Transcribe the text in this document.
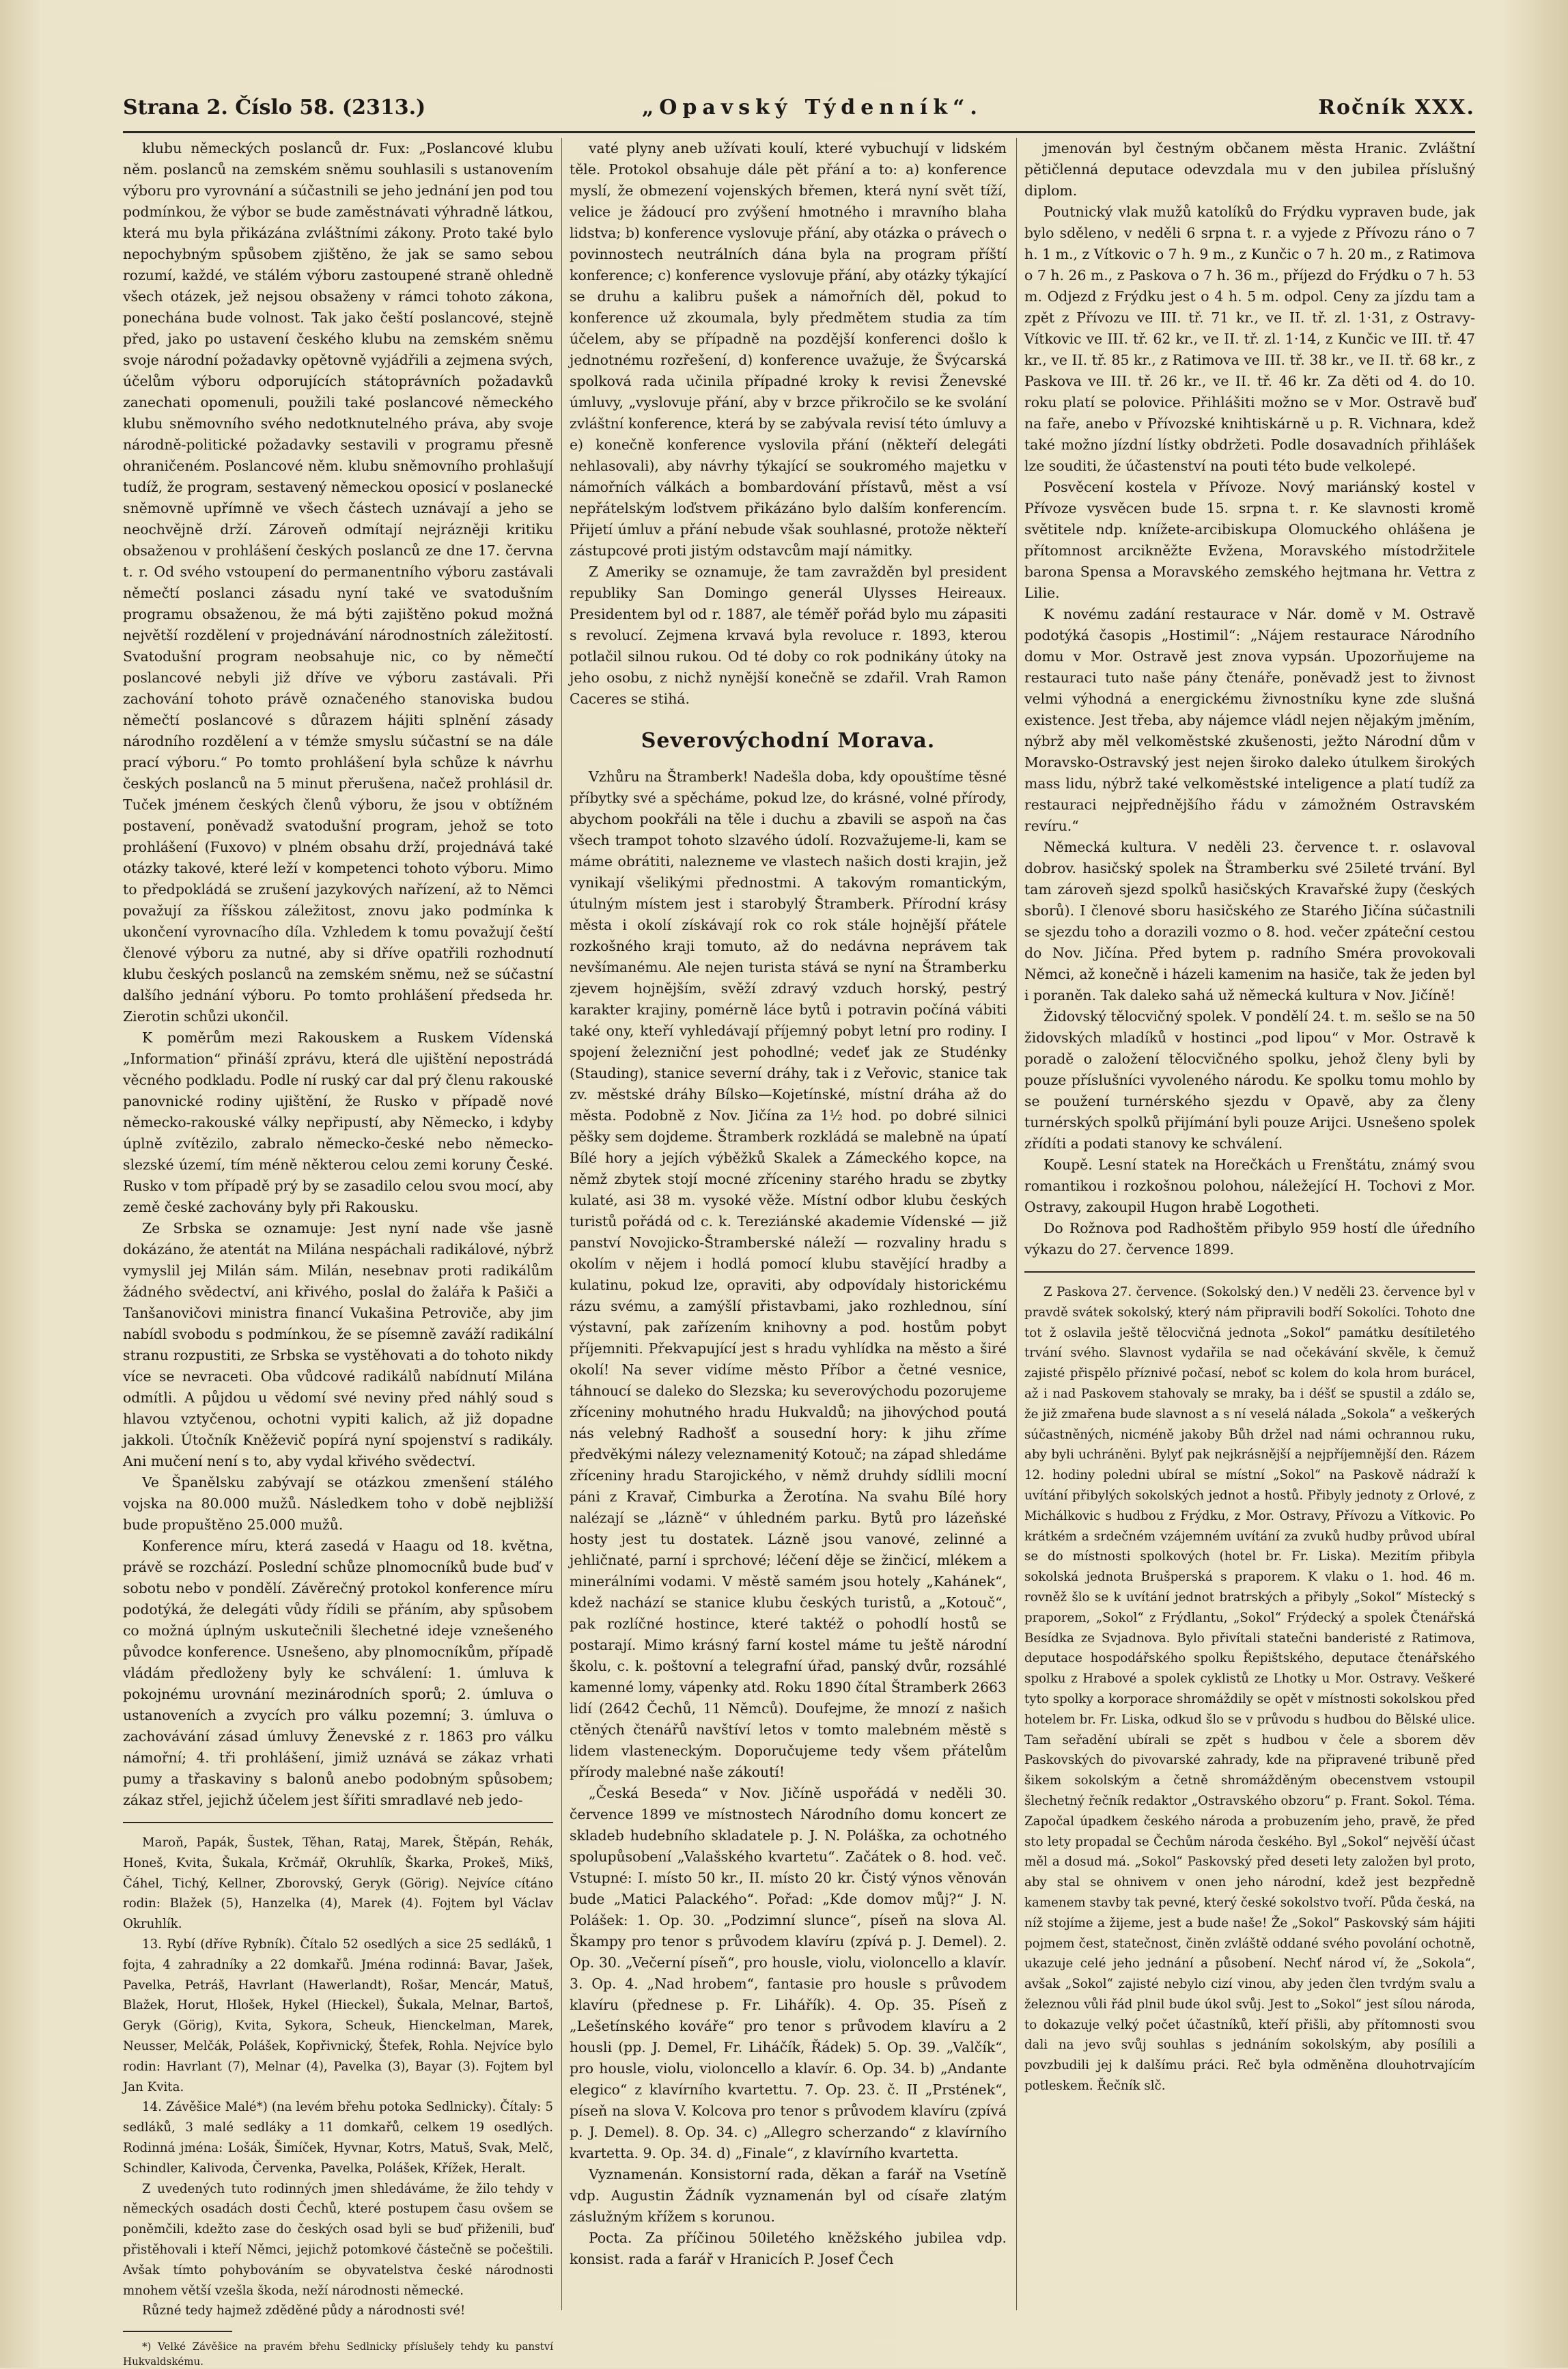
Strana 2. Číslo 58. (2313.)	„Opavský Týdenník“.	Ročník XXX.

klubu německých poslanců dr. Fux: „Poslancové klubu něm. poslanců na zemském sněmu souhlasili s ustanovením výboru pro vyrovnání a súčastnili se jeho jednání jen pod tou podmínkou, že výbor se bude zaměstnávati výhradně látkou, která mu byla přikázána zvláštními zákony. Proto také bylo nepochybným spůsobem zjištěno, že jak se samo sebou rozumí, každé, ve stálém výboru zastoupené straně ohledně všech otázek, jež nejsou obsaženy v rámci tohoto zákona, ponechána bude volnost. Tak jako čeští poslancové, stejně před, jako po ustavení českého klubu na zemském sněmu svoje národní požadavky opětovně vyjádřili a zejmena svých, účelům výboru odporujících státoprávních požadavků zanechati opomenuli, použili také poslancové německého klubu sněmovního svého nedotknutelného práva, aby svoje národně-politické požadavky sestavili v programu přesně ohraničeném. Poslancové něm. klubu sněmovního prohlašují tudíž, že program, sestavený německou oposicí v poslanecké sněmovně upřímně ve všech částech uznávají a jeho se neochvějně drží. Zároveň odmítají nejrázněji kritiku obsaženou v prohlášení českých poslanců ze dne 17. června t. r. Od svého vstoupení do permanentního výboru zastávali němečtí poslanci zásadu nyní také ve svatodušním programu obsaženou, že má býti zajištěno pokud možná největší rozdělení v projednávání národnostních záležitostí. Svatodušní program neobsahuje nic, co by němečtí poslancové nebyli již dříve ve výboru zastávali. Při zachování tohoto právě označeného stanoviska budou němečtí poslancové s důrazem hájiti splnění zásady národního rozdělení a v témže smyslu súčastní se na dále prací výboru.“ Po tomto prohlášení byla schůze k návrhu českých poslanců na 5 minut přerušena, načež prohlásil dr. Tuček jménem českých členů výboru, že jsou v obtížném postavení, poněvadž svatodušní program, jehož se toto prohlášení (Fuxovo) v plném obsahu drží, projednává také otázky takové, které leží v kompetenci tohoto výboru. Mimo to předpokládá se zrušení jazykových nařízení, až to Němci považují za říšskou záležitost, znovu jako podmínka k ukončení vyrovnacího díla. Vzhledem k tomu považují čeští členové výboru za nutné, aby si dříve opatřili rozhodnutí klubu českých poslanců na zemském sněmu, než se súčastní dalšího jednání výboru. Po tomto prohlášení předseda hr. Zierotin schůzi ukončil.

K poměrům mezi Rakouskem a Ruskem Vídenská „Information“ přináší zprávu, která dle ujištění nepostrádá věcného podkladu. Podle ní ruský car dal prý členu rakouské panovnické rodiny ujištění, že Rusko v případě nové německo-rakouské války nepřipustí, aby Německo, i kdyby úplně zvítězilo, zabralo německo-české nebo německo-slezské území, tím méně některou celou zemi koruny České. Rusko v tom případě prý by se zasadilo celou svou mocí, aby země české zachovány byly při Rakousku.

Ze Srbska se oznamuje: Jest nyní nade vše jasně dokázáno, že atentát na Milána nespáchali radikálové, nýbrž vymyslil jej Milán sám. Milán, nesebnav proti radikálům žádného svědectví, ani křivého, poslal do žalářa k Pašiči a Tanšanovičovi ministra financí Vukašina Petroviče, aby jim nabídl svobodu s podmínkou, že se písemně zaváží radikální stranu rozpustiti, ze Srbska se vystěhovati a do tohoto nikdy více se nevraceti. Oba vůdcové radikálů nabídnutí Milána odmítli. A půjdou u vědomí své neviny před náhlý soud s hlavou vztyčenou, ochotni vypiti kalich, až již dopadne jakkoli. Útočník Kněževič popírá nyní spojenství s radikály. Ani mučení není s to, aby vydal křivého svědectví.

Ve Španělsku zabývají se otázkou zmenšení stálého vojska na 80.000 mužů. Následkem toho v době nejbližší bude propuštěno 25.000 mužů.

Konference míru, která zasedá v Haagu od 18. května, právě se rozchází. Poslední schůze plnomocníků bude buď v sobotu nebo v pondělí. Závěrečný protokol konference míru podotýká, že delegáti vůdy řídili se přáním, aby spůsobem co možná úplným uskutečnili šlechetné ideje vznešeného původce konference. Usnešeno, aby plnomocníkům, případě vládám předloženy byly ke schválení: 1. úmluva k pokojnému urovnání mezinárodních sporů; 2. úmluva o ustanoveních a zvycích pro válku pozemní; 3. úmluva o zachovávání zásad úmluvy Ženevské z r. 1863 pro válku námořní; 4. tři prohlášení, jimiž uznává se zákaz vrhati pumy a třaskaviny s balonů anebo podobným spůsobem; zákaz střel, jejichž účelem jest šířiti smradlavé neb jedo-

Maroň, Papák, Šustek, Těhan, Rataj, Marek, Štěpán, Rehák, Honeš, Kvita, Šukala, Krčmář, Okruhlík, Škarka, Prokeš, Mikš, Čáhel, Tichý, Kellner, Zborovský, Geryk (Görig). Nejvíce cítáno rodin: Blažek (5), Hanzelka (4), Marek (4). Fojtem byl Václav Okruhlík.

13. Rybí (dříve Rybník). Čítalo 52 osedlých a sice 25 sedláků, 1 fojta, 4 zahradníky a 22 domkařů. Jména rodinná: Bavar, Jašek, Pavelka, Petráš, Havrlant (Hawerlandt), Rošar, Mencár, Matuš, Blažek, Horut, Hlošek, Hykel (Hieckel), Šukala, Melnar, Bartoš, Geryk (Görig), Kvita, Sykora, Scheuk, Hienckelman, Marek, Neusser, Melčák, Polášek, Kopřivnický, Štefek, Rohla. Nejvíce bylo rodin: Havrlant (7), Melnar (4), Pavelka (3), Bayar (3). Fojtem byl Jan Kvita.

14. Závěšice Malé*) (na levém břehu potoka Sedlnicky). Čítaly: 5 sedláků, 3 malé sedláky a 11 domkařů, celkem 19 osedlých. Rodinná jména: Lošák, Šimíček, Hyvnar, Kotrs, Matuš, Svak, Melč, Schindler, Kalivoda, Červenka, Pavelka, Polášek, Křížek, Heralt.

Z uvedených tuto rodinných jmen shledáváme, že žilo tehdy v německých osadách dosti Čechů, které postupem času ovšem se poněmčili, kdežto zase do českých osad byli se buď přiženili, buď přistěhovali i kteří Němci, jejichž potomkové částečně se počeštili. Avšak tímto pohybováním se obyvatelstva české národnosti mnohem větší vzešla škoda, neží národnosti německé.

Různé tedy hajmež zděděné půdy a národnosti své!

*) Velké Závěšice na pravém břehu Sedlnicky příslušely tehdy ku panství Hukvaldskému.

vaté plyny aneb užívati koulí, které vybuchují v lidském těle. Protokol obsahuje dále pět přání a to: a) konference myslí, že obmezení vojenských břemen, která nyní svět tíží, velice je žádoucí pro zvýšení hmotného i mravního blaha lidstva; b) konference vyslovuje přání, aby otázka o právech o povinnostech neutrálních dána byla na program příští konference; c) konference vyslovuje přání, aby otázky týkající se druhu a kalibru pušek a námořních děl, pokud to konference už zkoumala, byly předmětem studia za tím účelem, aby se případně na pozdější konferenci došlo k jednotnému rozřešení, d) konference uvažuje, že Švýcarská spolková rada učinila případné kroky k revisi Ženevské úmluvy, „vyslovuje přání, aby v brzce přikročilo se ke svolání zvláštní konference, která by se zabývala revisí této úmluvy a e) konečně konference vyslovila přání (někteří delegáti nehlasovali), aby návrhy týkající se soukromého majetku v námořních válkách a bombardování přístavů, měst a vsí nepřátelským loďstvem přikázáno bylo dalším konferencím. Přijetí úmluv a přání nebude však souhlasné, protože někteří zástupcové proti jistým odstavcům mají námitky.

Z Ameriky se oznamuje, že tam zavražděn byl president republiky San Domingo generál Ulysses Heireaux. Presidentem byl od r. 1887, ale téměř pořád bylo mu zápasiti s revolucí. Zejmena krvavá byla revoluce r. 1893, kterou potlačil silnou rukou. Od té doby co rok podnikány útoky na jeho osobu, z nichž nynější konečně se zdařil. Vrah Ramon Caceres se stihá.

Severovýchodní Morava.

Vzhůru na Štramberk! Nadešla doba, kdy opouštíme těsné příbytky své a spěcháme, pokud lze, do krásné, volné přírody, abychom pookřáli na těle i duchu a zbavili se aspoň na čas všech trampot tohoto slzavého údolí. Rozvažujeme-li, kam se máme obrátiti, nalezneme ve vlastech našich dosti krajin, jež vynikají všelikými přednostmi. A takovým romantickým, útulným místem jest i starobylý Štramberk. Přírodní krásy města i okolí získávají rok co rok stále hojnější přátele rozkošného kraji tomuto, až do nedávna neprávem tak nevšímanému. Ale nejen turista stává se nyní na Štramberku zjevem hojnějším, svěží zdravý vzduch horský, pestrý karakter krajiny, pomérně láce bytů i potravin počíná vábiti také ony, kteří vyhledávají příjemný pobyt letní pro rodiny. I spojení železniční jest pohodlné; vedeť jak ze Studénky (Stauding), stanice severní dráhy, tak i z Veřovic, stanice tak zv. městské dráhy Bílsko—Kojetínské, místní dráha až do města. Podobně z Nov. Jičína za 1½ hod. po dobré silnici pěšky sem dojdeme. Štramberk rozkládá se malebně na úpatí Bílé hory a jejích výběžků Skalek a Zámeckého kopce, na němž zbytek stojí mocné zříceniny starého hradu se zbytky kulaté, asi 38 m. vysoké věže. Místní odbor klubu českých turistů pořádá od c. k. Tereziánské akademie Vídenské — již panství Novojicko-Štramberské náleží — rozvaliny hradu s okolím v nějem i hodlá pomocí klubu stavějící hradby a kulatinu, pokud lze, opraviti, aby odpovídaly historickému rázu svému, a zamýšlí přistavbami, jako rozhlednou, síní výstavní, pak zařízením knihovny a pod. hostům pobyt příjemniti. Překvapující jest s hradu vyhlídka na město a širé okolí! Na sever vidíme město Příbor a četné vesnice, táhnoucí se daleko do Slezska; ku severovýchodu pozorujeme zříceniny mohutného hradu Hukvaldů; na jihovýchod poutá nás velebný Radhošť a sousední hory: k jihu zříme předvěkými nálezy veleznamenitý Kotouč; na západ shledáme zříceniny hradu Starojického, v němž druhdy sídlili mocní páni z Kravař, Cimburka a Žerotína. Na svahu Bílé hory nalézají se „lázně“ v úhledném parku. Bytů pro lázeňské hosty jest tu dostatek. Lázně jsou vanové, zelinné a jehličnaté, parní i sprchové; léčení děje se žinčicí, mlékem a minerálními vodami. V městě samém jsou hotely „Kahánek“, kdež nachází se stanice klubu českých turistů, a „Kotouč“, pak rozlíčné hostince, které taktéž o pohodlí hostů se postarají. Mimo krásný farní kostel máme tu ještě národní školu, c. k. poštovní a telegrafní úřad, panský dvůr, rozsáhlé kamenné lomy, vápenky atd. Roku 1890 čítal Štramberk 2663 lidí (2642 Čechů, 11 Němců). Doufejme, že mnozí z našich ctěných čtenářů navštíví letos v tomto malebném městě s lidem vlasteneckým. Doporučujeme tedy všem přátelům přírody malebné naše zákoutí!

„Česká Beseda“ v Nov. Jičíně uspořádá v neděli 30. července 1899 ve místnostech Národního domu koncert ze skladeb hudebního skladatele p. J. N. Poláška, za ochotného spolupůsobení „Valašského kvartetu“. Začátek o 8. hod. več. Vstupné: I. místo 50 kr., II. místo 20 kr. Čistý výnos věnován bude „Matici Palackého“. Pořad: „Kde domov můj?“ J. N. Polášek: 1. Op. 30. „Podzimní slunce“, píseň na slova Al. Škampy pro tenor s průvodem klavíru (zpívá p. J. Demel). 2. Op. 30. „Večerní píseň“, pro housle, violu, violoncello a klavír. 3. Op. 4. „Nad hrobem“, fantasie pro housle s průvodem klavíru (přednese p. Fr. Lihářík). 4. Op. 35. Píseň z „Lešetínského kováře“ pro tenor s průvodem klavíru a 2 housli (pp. J. Demel, Fr. Liháčík, Řádek) 5. Op. 39. „Valčík“, pro housle, violu, violoncello a klavír. 6. Op. 34. b) „Andante elegico“ z klavírního kvartettu. 7. Op. 23. č. II „Prstének“, píseň na slova V. Kolcova pro tenor s průvodem klavíru (zpívá p. J. Demel). 8. Op. 34. c) „Allegro scherzando“ z klavírního kvartetta. 9. Op. 34. d) „Finale“, z klavírního kvartetta.

Vyznamenán. Konsistorní rada, děkan a farář na Vsetíně vdp. Augustin Žádník vyznamenán byl od císaře zlatým záslužným křížem s korunou.

Pocta. Za příčinou 50iletého kněžského jubilea vdp. konsist. rada a farář v Hranicích P. Josef Čech

jmenován byl čestným občanem města Hranic. Zvláštní pětičlenná deputace odevzdala mu v den jubilea příslušný diplom.

Poutnický vlak mužů katolíků do Frýdku vypraven bude, jak bylo sděleno, v neděli 6 srpna t. r. a vyjede z Přívozu ráno o 7 h. 1 m., z Vítkovic o 7 h. 9 m., z Kunčic o 7 h. 20 m., z Ratimova o 7 h. 26 m., z Paskova o 7 h. 36 m., příjezd do Frýdku o 7 h. 53 m. Odjezd z Frýdku jest o 4 h. 5 m. odpol. Ceny za jízdu tam a zpět z Přívozu ve III. tř. 71 kr., ve II. tř. zl. 1·31, z Ostravy-Vítkovic ve III. tř. 62 kr., ve II. tř. zl. 1·14, z Kunčic ve III. tř. 47 kr., ve II. tř. 85 kr., z Ratimova ve III. tř. 38 kr., ve II. tř. 68 kr., z Paskova ve III. tř. 26 kr., ve II. tř. 46 kr. Za děti od 4. do 10. roku platí se polovice. Přihlášiti možno se v Mor. Ostravě buď na faře, anebo v Přívozské knihtiskárně u p. R. Vichnara, kdež také možno jízdní lístky obdržeti. Podle dosavadních přihlášek lze souditi, že účastenství na pouti této bude velkolepé.

Posvěcení kostela v Přívoze. Nový mariánský kostel v Přívoze vysvěcen bude 15. srpna t. r. Ke slavnosti kromě světitele ndp. knížete-arcibiskupa Olomuckého ohlášena je přítomnost arcikněžte Evženа, Moravského místodržitele barona Spensa a Moravského zemského hejtmana hr. Vettra z Lilie.

K novému zadání restaurace v Nár. domě v M. Ostravě podotýká časopis „Hostimil“: „Nájem restaurace Národního domu v Mor. Ostravě jest znova vypsán. Upozorňujeme na restauraci tuto naše pány čtenáře, poněvadž jest to živnost velmi výhodná a energickému živnostníku kyne zde slušná existence. Jest třeba, aby nájemce vládl nejen nějakým jměním, nýbrž aby měl velkoměstské zkušenosti, ježto Národní dům v Moravsko-Ostravský jest nejen široko daleko útulkem širokých mass lidu, nýbrž také velkoměstské inteligence a platí tudíž za restauraci nejpřednějšího řádu v zámožném Ostravském revíru.“

Německá kultura. V neděli 23. července t. r. oslavoval dobrov. hasičský spolek na Štramberku své 25ileté trvání. Byl tam zároveň sjezd spolků hasičských Kravařské župy (českých sborů). I členové sboru hasičského ze Starého Jičína súčastnili se sjezdu toho a dorazili vozmo o 8. hod. večer zpáteční cestou do Nov. Jičína. Před bytem p. radního Sméra provokovali Němci, až konečně i házeli kamenim na hasiče, tak že jeden byl i poraněn. Tak daleko sahá už německá kultura v Nov. Jičíně!

Židovský tělocvičný spolek. V pondělí 24. t. m. sešlo se na 50 židovských mladíků v hostinci „pod lipou“ v Mor. Ostravě k poradě o založení tělocvičného spolku, jehož členy byli by pouze příslušníci vyvoleného národu. Ke spolku tomu mohlo by se použení turnérského sjezdu v Opavě, aby za členy turnérských spolků přijímání byli pouze Arijci. Usnešeno spolek zřídíti a podati stanovy ke schválení.

Koupě. Lesní statek na Horečkách u Frenštátu, známý svou romantikou i rozkošnou polohou, náležející H. Tochovi z Mor. Ostravy, zakoupil Hugon hrabě Logotheti.

Do Rožnova pod Radhoštěm přibylo 959 hostí dle úředního výkazu do 27. července 1899.

Z Paskova 27. července. (Sokolský den.) V neděli 23. července byl v pravdě svátek sokolský, který nám připravili bodří Sokolíci. Tohoto dne tot ž oslavila ještě tělocvičná jednota „Sokol“ památku desítiletého trvání svého. Slavnost vydařila se nad očekávání skvěle, k čemuž zajisté přispělo příznivé počasí, neboť sc kolem do kola hrom burácel, až i nad Paskovem stahovaly se mraky, ba i déšť se spustil a zdálo se, že již zmařena bude slavnost a s ní veselá nálada „Sokola“ a veškerých súčastněných, nicméně jakoby Bůh držel nad námi ochrannou ruku, aby byli uchráněni. Bylyť pak nejkrásnější a nejpříjemnější den. Rázem 12. hodiny poledni ubíral se místní „Sokol“ na Paskově nádraží k uvítání přibylých sokolských jednot a hostů. Přibyly jednoty z Orlové, z Michálkovic s hudbou z Frýdku, z Mor. Ostravy, Přívozu a Vítkovic. Po krátkém a srdečném vzájemném uvítání za zvuků hudby průvod ubíral se do místnosti spolkových (hotel br. Fr. Liska). Mezitím přibyla sokolská jednota Brušperská s praporem. K vlaku o 1. hod. 46 m. rovněž šlo se k uvítání jednot bratrských a přibyly „Sokol“ Místecký s praporem, „Sokol“ z Frýdlantu, „Sokol“ Frýdecký a spolek Čtenářská Besídka ze Svjadnova. Bylo přivítali statečni banderisté z Ratimova, deputace hospodářského spolku Řepištského, deputace čtenářského spolku z Hrabové a spolek cyklistů ze Lhotky u Mor. Ostravy. Veškeré tyto spolky a korporace shromáždily se opět v místnosti sokolskou před hotelem br. Fr. Liska, odkud šlo se v průvodu s hudbou do Bělské ulice. Tam seřadění ubírali se zpět s hudbou v čele a sborem děv Paskovských do pivovarské zahrady, kde na připravené tribuně před šikem sokolským a četně shromážděným obecenstvem vstoupil šlechetný řečník redaktor „Ostravského obzoru“ p. Frant. Sokol. Téma. Započal úpadkem českého národa a probuzením jeho, pravě, že před sto lety propadal se Čechům národa českého. Byl „Sokol“ nejvěší účast měl a dosud má. „Sokol“ Paskovský před deseti lety založen byl proto, aby stal se ohnivem v onen jeho národní, kdež jest bezpředně kamenem stavby tak pevné, který české sokolstvo tvoří. Půda česká, na níž stojíme a žijeme, jest a bude naše! Že „Sokol“ Paskovský sám hájiti pojmem čest, statečnost, činěn zvláště oddané svého povolání ochotně, ukazuje celé jeho jednání a působení. Nechť národ ví, že „Sokola“, avšak „Sokol“ zajisté nebylo cizí vinou, aby jeden člen tvrdým svalu a železnou vůli řád plnil bude úkol svůj. Jest to „Sokol“ jest sílou národa, to dokazuje velký počet účastníků, kteří přišli, aby přítomnosti svou dali na jevo svůj souhlas s jednáním sokolským, aby posílili a povzbudili jej k dalšímu práci. Reč byla odměněna dlouhotrvajícím potleskem. Řečník slč.
